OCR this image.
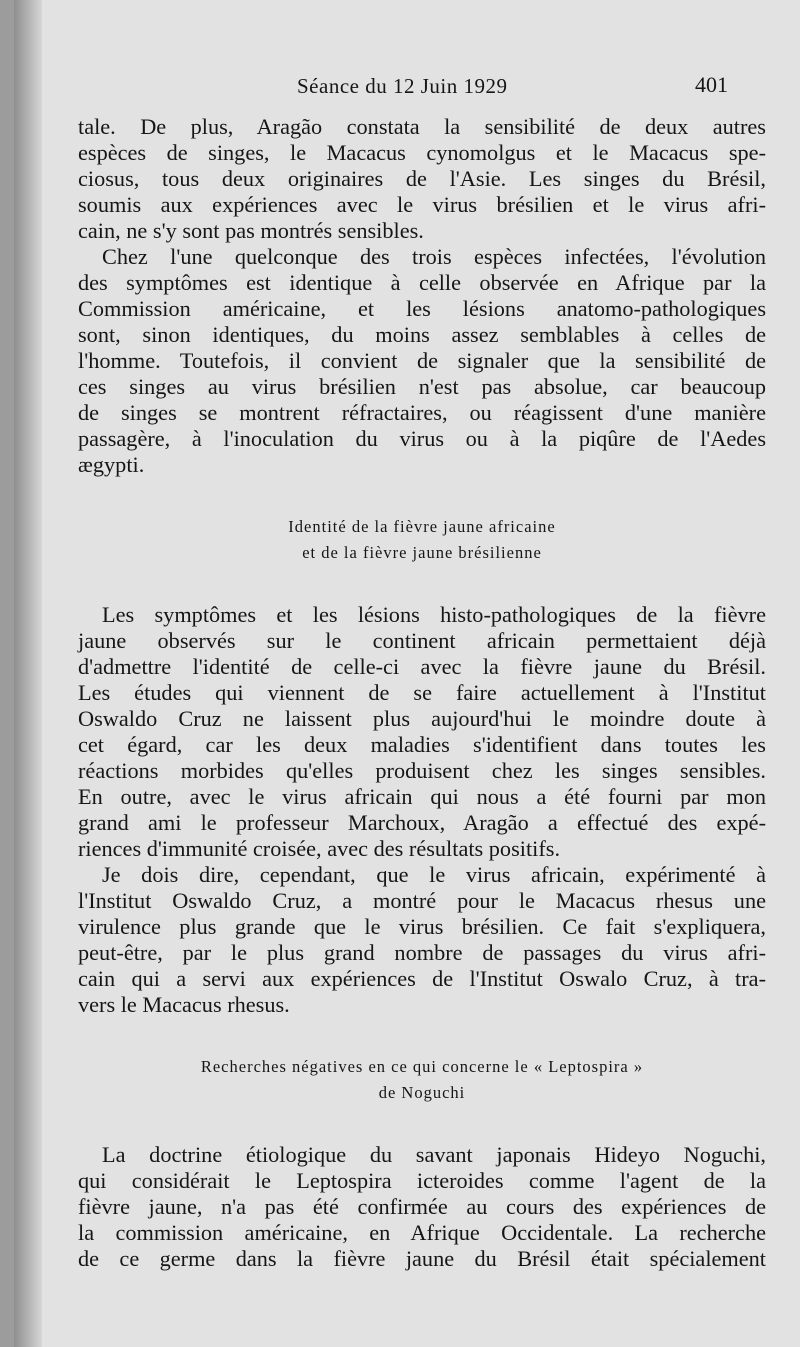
Séance du 12 Juin 1929	401
tale. De plus, Aragão constata la sensibilité de deux autres
espèces de singes, le Macacus cynomolgus et le Macacus spe-
ciosus, tous deux originaires de l'Asie. Les singes du Brésil,
soumis aux expériences avec le virus brésilien et le virus afri-
cain, ne s'y sont pas montrés sensibles.
Chez l'une quelconque des trois espèces infectées, l'évolution
des symptômes est identique à celle observée en Afrique par la
Commission américaine, et les lésions anatomo-pathologiques
sont, sinon identiques, du moins assez semblables à celles de
l'homme. Toutefois, il convient de signaler que la sensibilité de
ces singes au virus brésilien n'est pas absolue, car beaucoup
de singes se montrent réfractaires, ou réagissent d'une manière
passagère, à l'inoculation du virus ou à la piqûre de l'Aedes
ægypti.
Identité de la fièvre jaune africaine
et de la fièvre jaune brésilienne
Les symptômes et les lésions histo-pathologiques de la fièvre
jaune observés sur le continent africain permettaient déjà
d'admettre l'identité de celle-ci avec la fièvre jaune du Brésil.
Les études qui viennent de se faire actuellement à l'Institut
Oswaldo Cruz ne laissent plus aujourd'hui le moindre doute à
cet égard, car les deux maladies s'identifient dans toutes les
réactions morbides qu'elles produisent chez les singes sensibles.
En outre, avec le virus africain qui nous a été fourni par mon
grand ami le professeur Marchoux, Aragão a effectué des expé-
riences d'immunité croisée, avec des résultats positifs.
Je dois dire, cependant, que le virus africain, expérimenté à
l'Institut Oswaldo Cruz, a montré pour le Macacus rhesus une
virulence plus grande que le virus brésilien. Ce fait s'expliquera,
peut-être, par le plus grand nombre de passages du virus afri-
cain qui a servi aux expériences de l'Institut Oswalo Cruz, à tra-
vers le Macacus rhesus.
Recherches négatives en ce qui concerne le « Leptospira »
de Noguchi
La doctrine étiologique du savant japonais Hideyo Noguchi,
qui considérait le Leptospira icteroides comme l'agent de la
fièvre jaune, n'a pas été confirmée au cours des expériences de
la commission américaine, en Afrique Occidentale. La recherche
de ce germe dans la fièvre jaune du Brésil était spécialement
